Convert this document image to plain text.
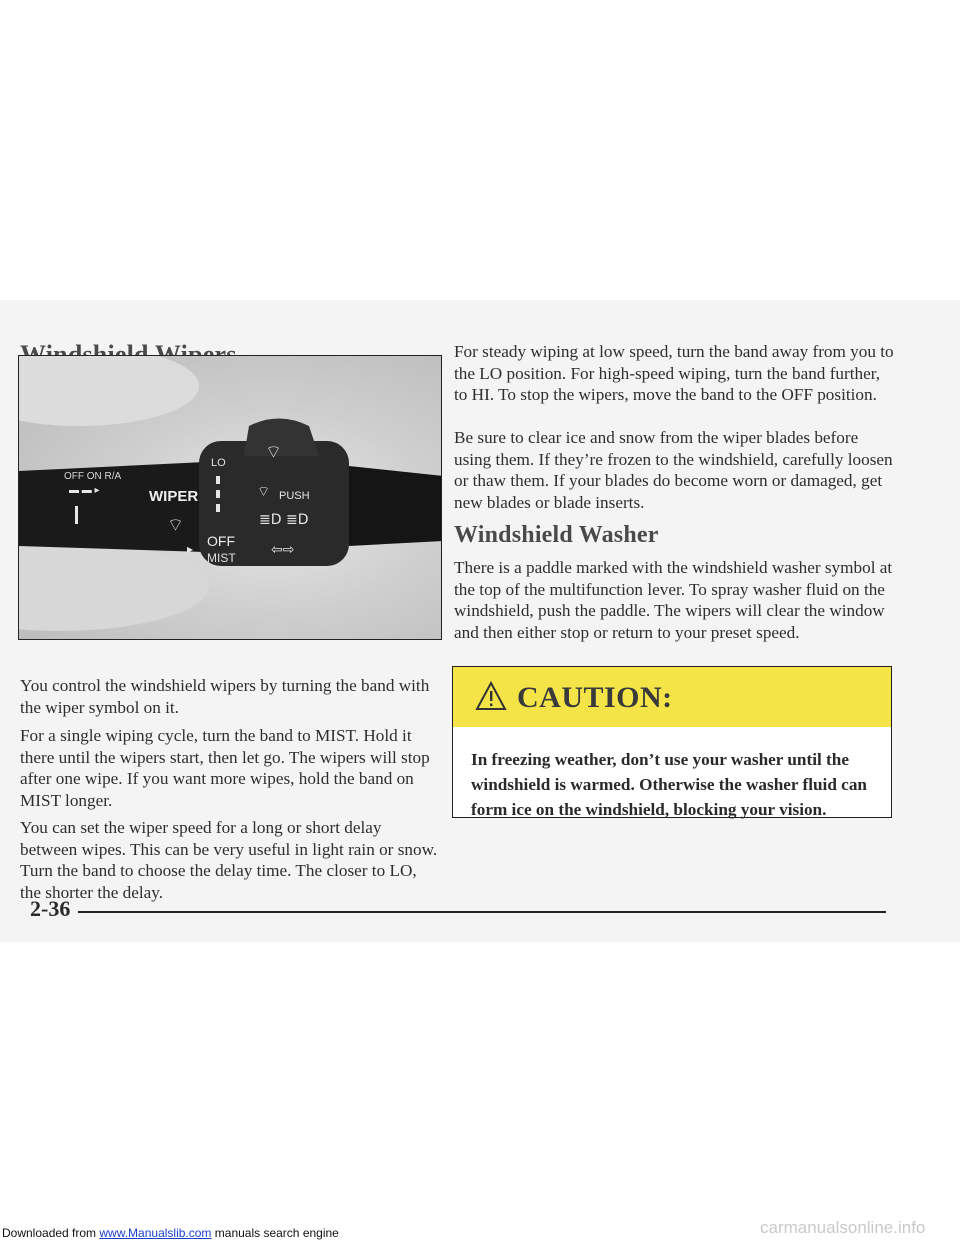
OFF ON R/A
▬ ▬ ▸	WIPER
LO
⌔
▸ OFF
MIST
⌔
⌔ PUSH
≣D ≣D
⇦⇨
You control the windshield wipers by turning the band with the wiper symbol on it.
For a single wiping cycle, turn the band to MIST. Hold it there until the wipers start, then let go. The wipers will stop after one wipe. If you want more wipes, hold the band on MIST longer.
You can set the wiper speed for a long or short delay between wipes. This can be very useful in light rain or snow. Turn the band to choose the delay time. The closer to LO, the shorter the delay.
For steady wiping at low speed, turn the band away from you to the LO position. For high-speed wiping, turn the band further, to HI. To stop the wipers, move the band to the OFF position.
Be sure to clear ice and snow from the wiper blades before using them. If they’re frozen to the windshield, carefully loosen or thaw them. If your blades do become worn or damaged, get new blades or blade inserts.
Windshield Washer
There is a paddle marked with the windshield washer symbol at the top of the multifunction lever. To spray washer fluid on the windshield, push the paddle. The wipers will clear the window and then either stop or return to your preset speed.
CAUTION:
In freezing weather, don’t use your washer until the windshield is warmed. Otherwise the washer fluid can form ice on the windshield, blocking your vision.
2-36
Downloaded from www.Manualslib.com manuals search engine	carmanualsonline.info
